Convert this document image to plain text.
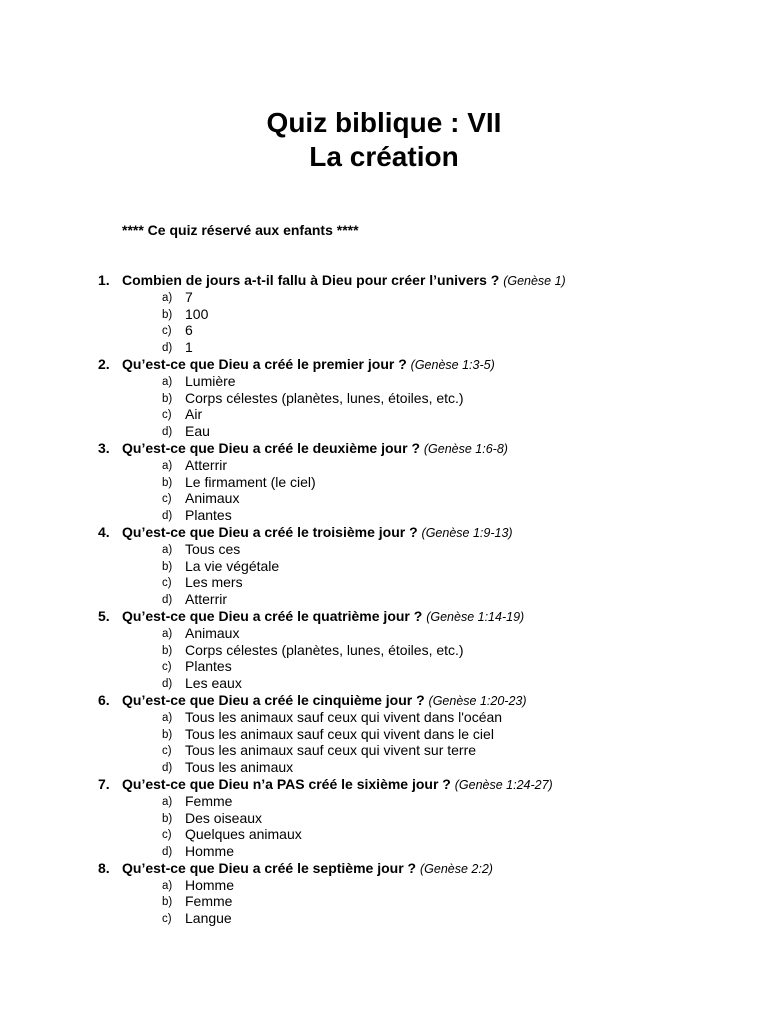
Quiz biblique : VII
La création
**** Ce quiz réservé aux enfants ****
1. Combien de jours a-t-il fallu à Dieu pour créer l’univers ? (Genèse 1)
a) 7
b) 100
c) 6
d) 1
2. Qu’est-ce que Dieu a créé le premier jour ? (Genèse 1:3-5)
a) Lumière
b) Corps célestes (planètes, lunes, étoiles, etc.)
c) Air
d) Eau
3. Qu’est-ce que Dieu a créé le deuxième jour ? (Genèse 1:6-8)
a) Atterrir
b) Le firmament (le ciel)
c) Animaux
d) Plantes
4. Qu’est-ce que Dieu a créé le troisième jour ? (Genèse 1:9-13)
a) Tous ces
b) La vie végétale
c) Les mers
d) Atterrir
5. Qu’est-ce que Dieu a créé le quatrième jour ? (Genèse 1:14-19)
a) Animaux
b) Corps célestes (planètes, lunes, étoiles, etc.)
c) Plantes
d) Les eaux
6. Qu’est-ce que Dieu a créé le cinquième jour ? (Genèse 1:20-23)
a) Tous les animaux sauf ceux qui vivent dans l'océan
b) Tous les animaux sauf ceux qui vivent dans le ciel
c) Tous les animaux sauf ceux qui vivent sur terre
d) Tous les animaux
7. Qu’est-ce que Dieu n’a PAS créé le sixième jour ? (Genèse 1:24-27)
a) Femme
b) Des oiseaux
c) Quelques animaux
d) Homme
8. Qu’est-ce que Dieu a créé le septième jour ? (Genèse 2:2)
a) Homme
b) Femme
c) Langue
